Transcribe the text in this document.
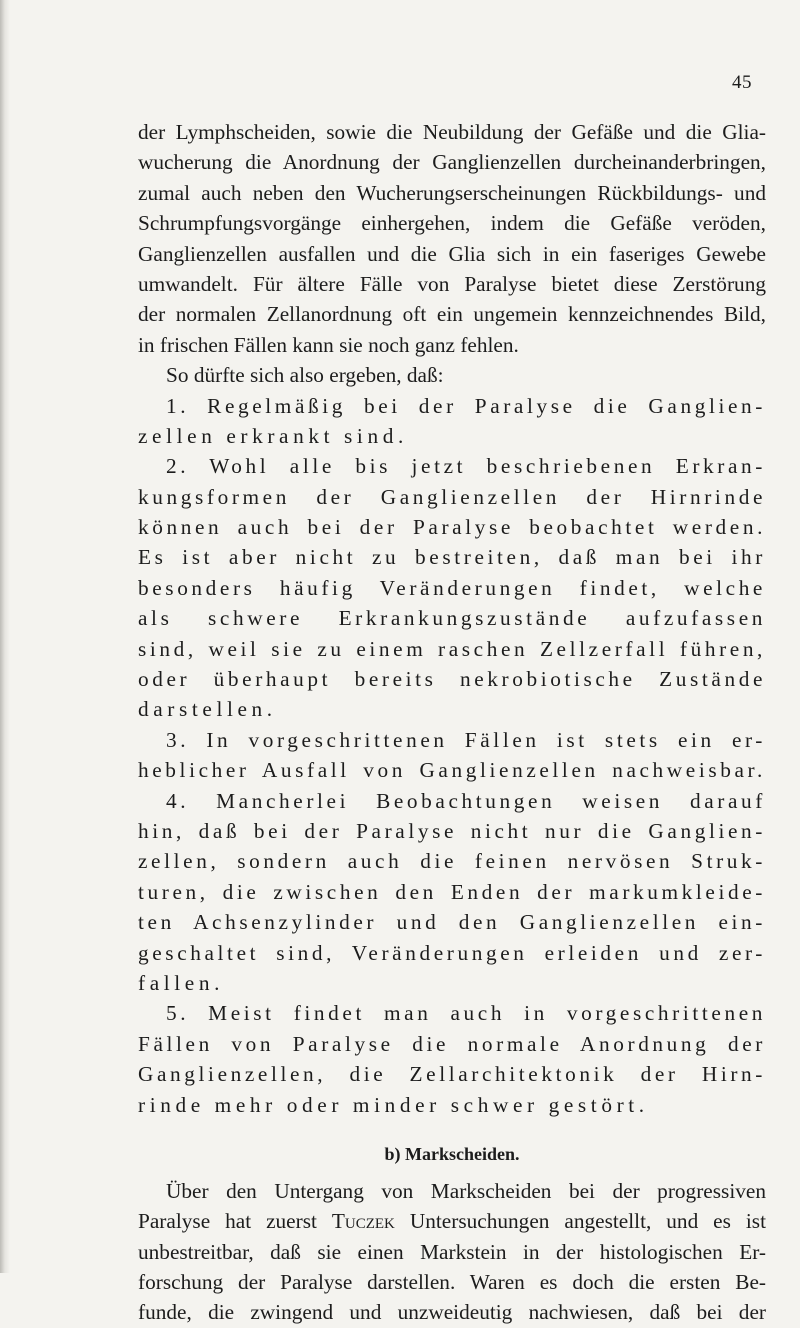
45
der Lymphscheiden, sowie die Neubildung der Gefäße und die Glia-
wucherung die Anordnung der Ganglienzellen durcheinanderbringen,
zumal auch neben den Wucherungserscheinungen Rückbildungs- und
Schrumpfungsvorgänge einhergehen, indem die Gefäße veröden,
Ganglienzellen ausfallen und die Glia sich in ein faseriges Gewebe
umwandelt. Für ältere Fälle von Paralyse bietet diese Zerstörung
der normalen Zellanordnung oft ein ungemein kennzeichnendes Bild,
in frischen Fällen kann sie noch ganz fehlen.
So dürfte sich also ergeben, daß:
1. Regelmäßig bei der Paralyse die Ganglien-
zellen erkrankt sind.
2. Wohl alle bis jetzt beschriebenen Erkran-
kungsformen der Ganglienzellen der Hirnrinde
können auch bei der Paralyse beobachtet werden.
Es ist aber nicht zu bestreiten, daß man bei ihr
besonders häufig Veränderungen findet, welche
als schwere Erkrankungszustände aufzufassen
sind, weil sie zu einem raschen Zellzerfall führen,
oder überhaupt bereits nekrobiotische Zustände
darstellen.
3. In vorgeschrittenen Fällen ist stets ein er-
heblicher Ausfall von Ganglienzellen nachweisbar.
4. Mancherlei Beobachtungen weisen darauf
hin, daß bei der Paralyse nicht nur die Ganglien-
zellen, sondern auch die feinen nervösen Struk-
turen, die zwischen den Enden der markumkleide-
ten Achsenzylinder und den Ganglienzellen ein-
geschaltet sind, Veränderungen erleiden und zer-
fallen.
5. Meist findet man auch in vorgeschrittenen
Fällen von Paralyse die normale Anordnung der
Ganglienzellen, die Zellarchitektonik der Hirn-
rinde mehr oder minder schwer gestört.
b) Markscheiden.
Über den Untergang von Markscheiden bei der progressiven
Paralyse hat zuerst Tuczek Untersuchungen angestellt, und es ist
unbestreitbar, daß sie einen Markstein in der histologischen Er-
forschung der Paralyse darstellen. Waren es doch die ersten Be-
funde, die zwingend und unzweideutig nachwiesen, daß bei der
